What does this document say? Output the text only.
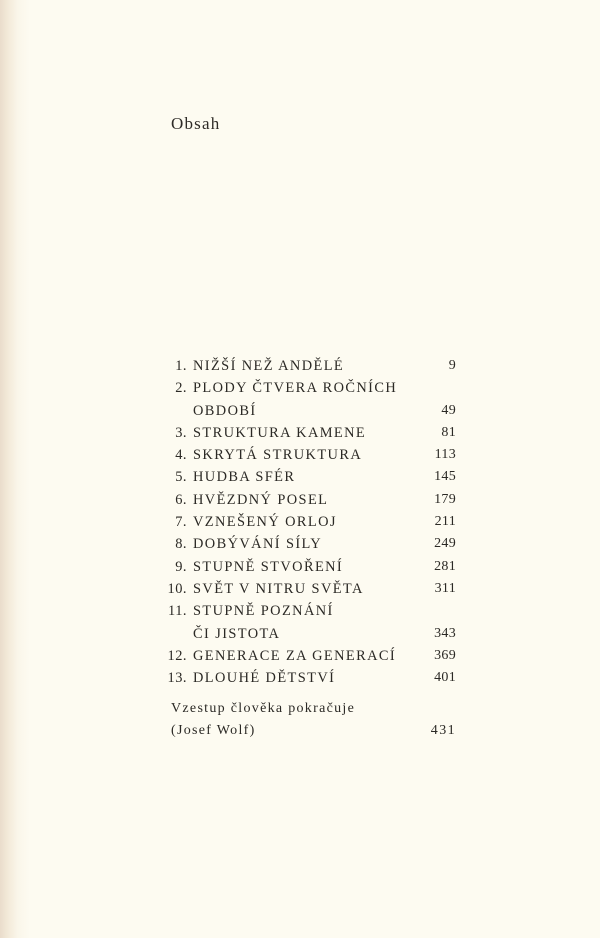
Obsah
1. NIŽŠÍ NEŽ ANDĚLÉ	9
2. PLODY ČTVERA ROČNÍCH
OBDOBÍ	49
3. STRUKTURA KAMENE	81
4. SKRYTÁ STRUKTURA	113
5. HUDBA SFÉR	145
6. HVĚZDNÝ POSEL	179
7. VZNEŠENÝ ORLOJ	211
8. DOBÝVÁNÍ SÍLY	249
9. STUPNĚ STVOŘENÍ	281
10. SVĚT V NITRU SVĚTA	311
11. STUPNĚ POZNÁNÍ
ČI JISTOTA	343
12. GENERACE ZA GENERACÍ	369
13. DLOUHÉ DĚTSTVÍ	401
Vzestup člověka pokračuje
(Josef Wolf)	431
